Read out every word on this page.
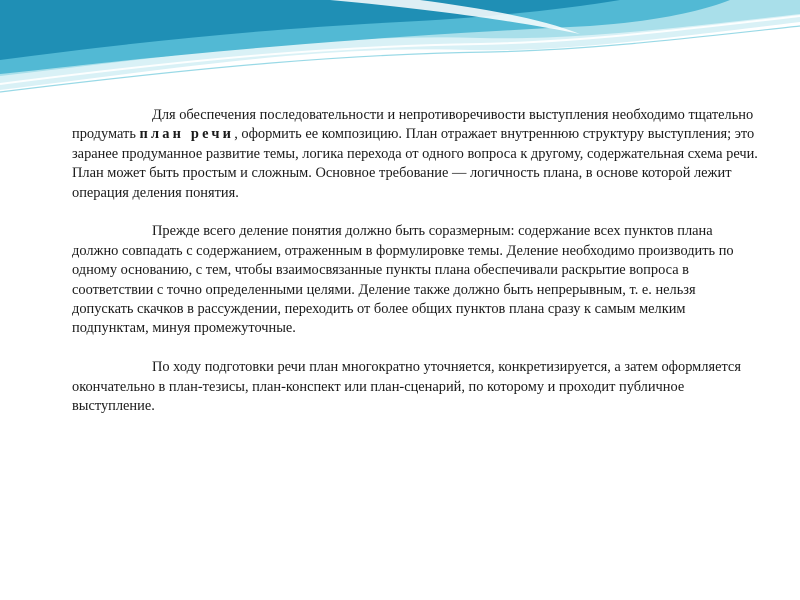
Для обеспечения последовательности и непротиворечивости выступления необходимо тщательно продумать план речи, оформить ее композицию. План отражает внутреннюю структуру выступления; это заранее продуманное развитие темы, логика перехода от одного вопроса к другому, содержательная схема речи. План может быть простым и сложным. Основное требование — логичность плана, в основе которой лежит операция деления понятия.

Прежде всего деление понятия должно быть соразмерным: содержание всех пунктов плана должно совпадать с содержанием, отраженным в формулировке темы. Деление необходимо производить по одному основанию, с тем, чтобы взаимосвязанные пункты плана обеспечивали раскрытие вопроса в соответствии с точно определенными целями. Деление также должно быть непрерывным, т. е. нельзя допускать скачков в рассуждении, переходить от более общих пунктов плана сразу к самым мелким подпунктам, минуя промежуточные.

По ходу подготовки речи план многократно уточняется, конкретизируется, а затем оформляется окончательно в план-тезисы, план-конспект или план-сценарий, по которому и проходит публичное выступление.
